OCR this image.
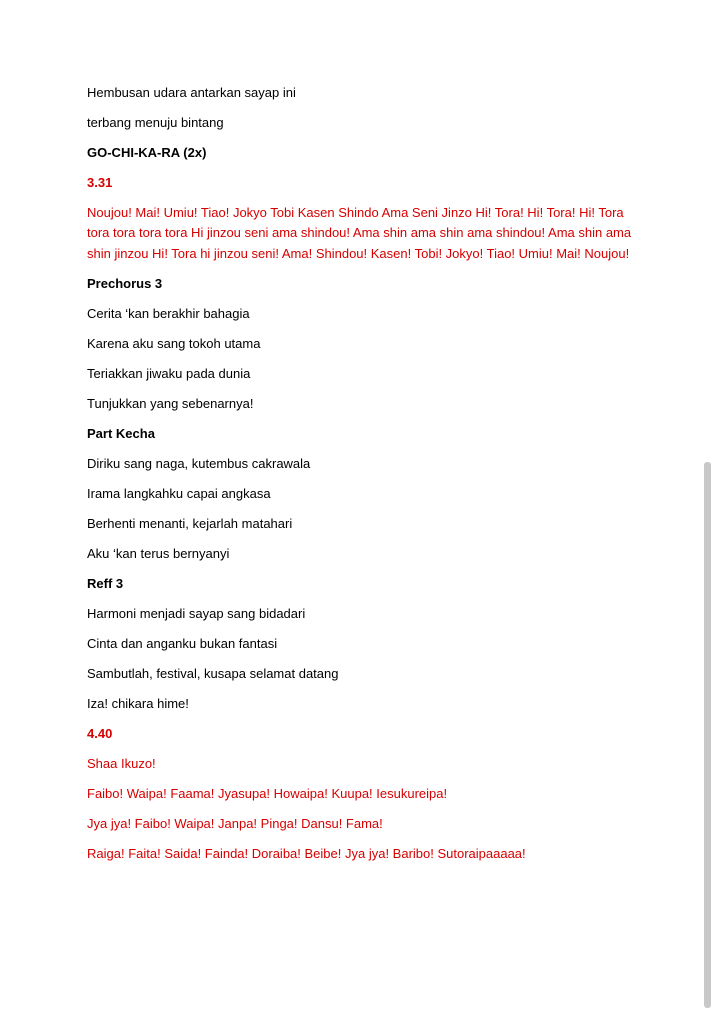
Hembusan udara antarkan sayap ini

terbang menuju bintang

GO-CHI-KA-RA (2x)

3.31

Noujou! Mai! Umiu! Tiao! Jokyo Tobi Kasen Shindo Ama Seni Jinzo Hi! Tora! Hi! Tora! Hi! Tora tora tora tora tora Hi jinzou seni ama shindou! Ama shin ama shin ama shindou! Ama shin ama shin jinzou Hi! Tora hi jinzou seni! Ama! Shindou! Kasen! Tobi! Jokyo! Tiao! Umiu! Mai! Noujou!

Prechorus 3

Cerita ‘kan berakhir bahagia

Karena aku sang tokoh utama

Teriakkan jiwaku pada dunia

Tunjukkan yang sebenarnya!

Part Kecha

Diriku sang naga, kutembus cakrawala

Irama langkahku capai angkasa

Berhenti menanti, kejarlah matahari

Aku ‘kan terus bernyanyi

Reff 3

Harmoni menjadi sayap sang bidadari

Cinta dan anganku bukan fantasi

Sambutlah, festival, kusapa selamat datang

Iza! chikara hime!

4.40

Shaa Ikuzo!

Faibo! Waipa! Faama! Jyasupa! Howaipa! Kuupa! Iesukureipa!

Jya jya! Faibo! Waipa! Janpa! Pinga! Dansu! Fama!

Raiga! Faita! Saida! Fainda! Doraiba! Beibe! Jya jya! Baribo! Sutoraipaaaaa!
